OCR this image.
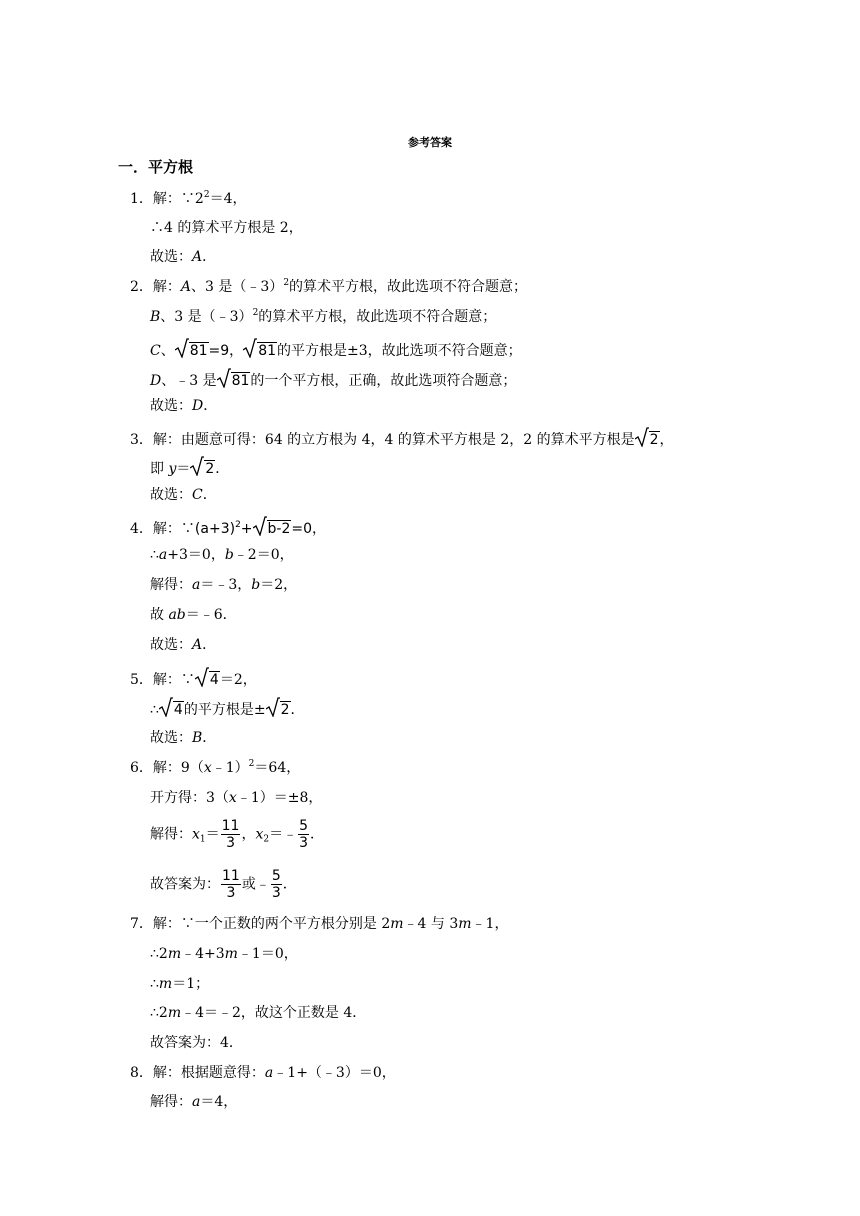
参考答案
一．平方根
1．解：$\because 2^2=4$，
∴4 的算术平方根是 2，
故选：A．
2．解：A、3 是（﹣3）$^2$的算术平方根，故此选项不符合题意；
B、3 是（﹣3）$^2$的算术平方根，故此选项不符合题意；
C、 81=9， 81的平方根是±3，故此选项不符合题意；
D、﹣3 是 81的一个平方根，正确，故此选项符合题意；
故选：D．
3．解：由题意可得：64 的立方根为 4，4 的算术平方根是 2，2 的算术平方根是 2，
即 y＝ 2．
故选：C．
4．解：$\because(a+3)^2+ b-2=0$，
∴a+3＝0，b﹣2＝0，
解得：a＝﹣3，b＝2，
故 ab＝﹣6．
故选：A．
5．解：∵ 4＝2，
∴ 4的平方根是± 2．
故选：B．
6．解：9（x﹣1）$^2$＝64，
开方得：3（x﹣1）＝±8，
解得：$x_1= \frac{11}{3}$ ，$x_2=﹣ \frac{5}{3}$ ．
故答案为： $\frac{11}{3}$ 或﹣ $\frac{5}{3}$ ．
7．解：∵一个正数的两个平方根分别是 2m﹣4 与 3m﹣1，
∴2m﹣4+3m﹣1＝0，
∴m＝1；
∴2m﹣4＝﹣2，故这个正数是 4．
故答案为：4．
8．解：根据题意得：a﹣1+（﹣3）＝0，
解得：a＝4，
